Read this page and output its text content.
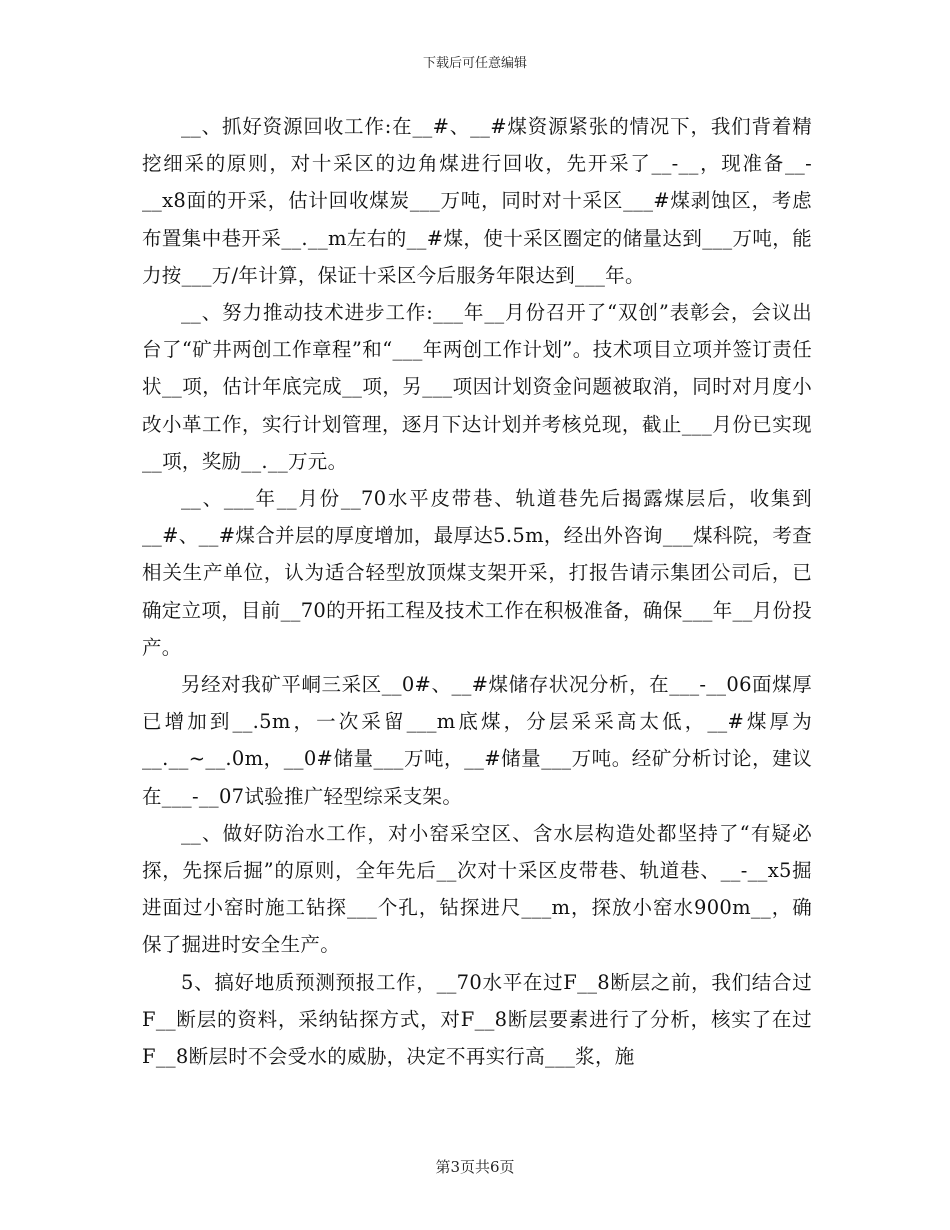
下载后可任意编辑

__、抓好资源回收工作:在__#、__#煤资源紧张的情况下，我们背着精挖细采的原则，对十采区的边角煤进行回收，先开采了__-__，现准备__-__x8面的开采，估计回收煤炭___万吨，同时对十采区___#煤剥蚀区，考虑布置集中巷开采__.__m左右的__#煤，使十采区圈定的储量达到___万吨，能力按___万/年计算，保证十采区今后服务年限达到___年。

__、努力推动技术进步工作:___年__月份召开了“双创”表彰会，会议出台了“矿井两创工作章程”和“___年两创工作计划”。技术项目立项并签订责任状__项，估计年底完成__项，另___项因计划资金问题被取消，同时对月度小改小革工作，实行计划管理，逐月下达计划并考核兑现，截止___月份已实现__项，奖励__.__万元。

__、___年__月份__70水平皮带巷、轨道巷先后揭露煤层后，收集到__#、__#煤合并层的厚度增加，最厚达5.5m，经出外咨询___煤科院，考查相关生产单位，认为适合轻型放顶煤支架开采，打报告请示集团公司后，已确定立项，目前__70的开拓工程及技术工作在积极准备，确保___年__月份投产。

另经对我矿平峒三采区__0#、__#煤储存状况分析，在___-__06面煤厚已增加到__.5m，一次采留___m底煤，分层采采高太低，__#煤厚为__.__~__.0m，__0#储量___万吨，__#储量___万吨。经矿分析讨论，建议在___-__07试验推广轻型综采支架。

__、做好防治水工作，对小窑采空区、含水层构造处都坚持了“有疑必探，先探后掘”的原则，全年先后__次对十采区皮带巷、轨道巷、__-__x5掘进面过小窑时施工钻探___个孔，钻探进尺___m，探放小窑水900m__，确保了掘进时安全生产。

5、搞好地质预测预报工作，__70水平在过F__8断层之前，我们结合过F__断层的资料，采纳钻探方式，对F__8断层要素进行了分析，核实了在过F__8断层时不会受水的威胁，决定不再实行高___浆，施

第3页共6页
